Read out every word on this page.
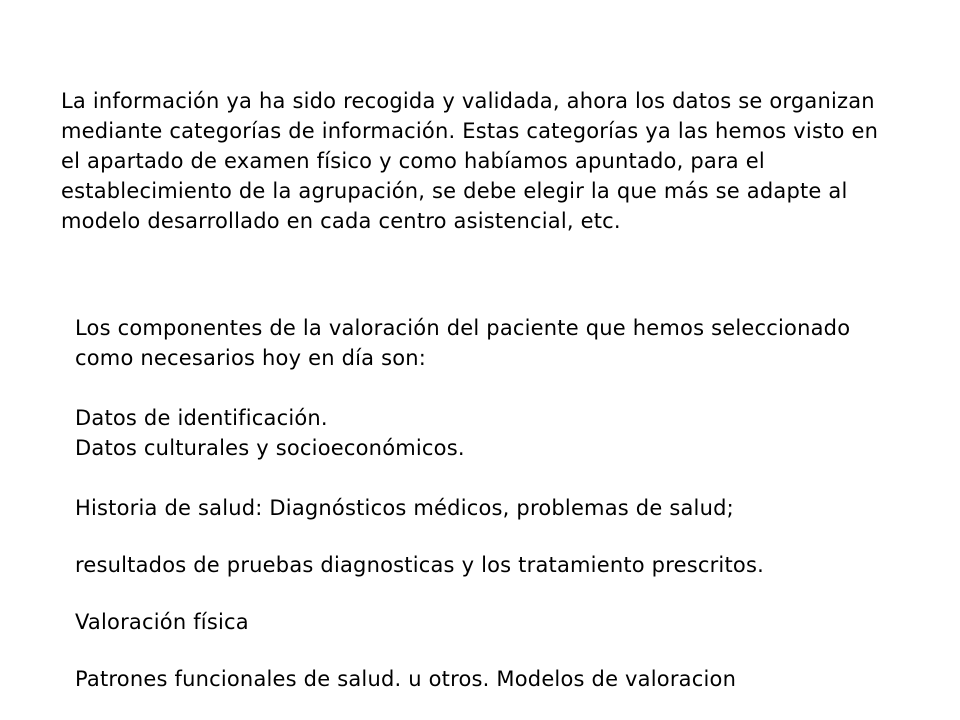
La información ya ha sido recogida y validada, ahora los datos se organizan
mediante categorías de información. Estas categorías ya las hemos visto en
el apartado de examen físico y como habíamos apuntado, para el
establecimiento de la agrupación, se debe elegir la que más se adapte al
modelo desarrollado en cada centro asistencial, etc.
Los componentes de la valoración del paciente que hemos seleccionado
como necesarios hoy en día son:
Datos de identificación.
Datos culturales y socioeconómicos.
Historia de salud: Diagnósticos médicos, problemas de salud;
resultados de pruebas diagnosticas y los tratamiento prescritos.
Valoración física
Patrones funcionales de salud. u otros. Modelos de valoracion
